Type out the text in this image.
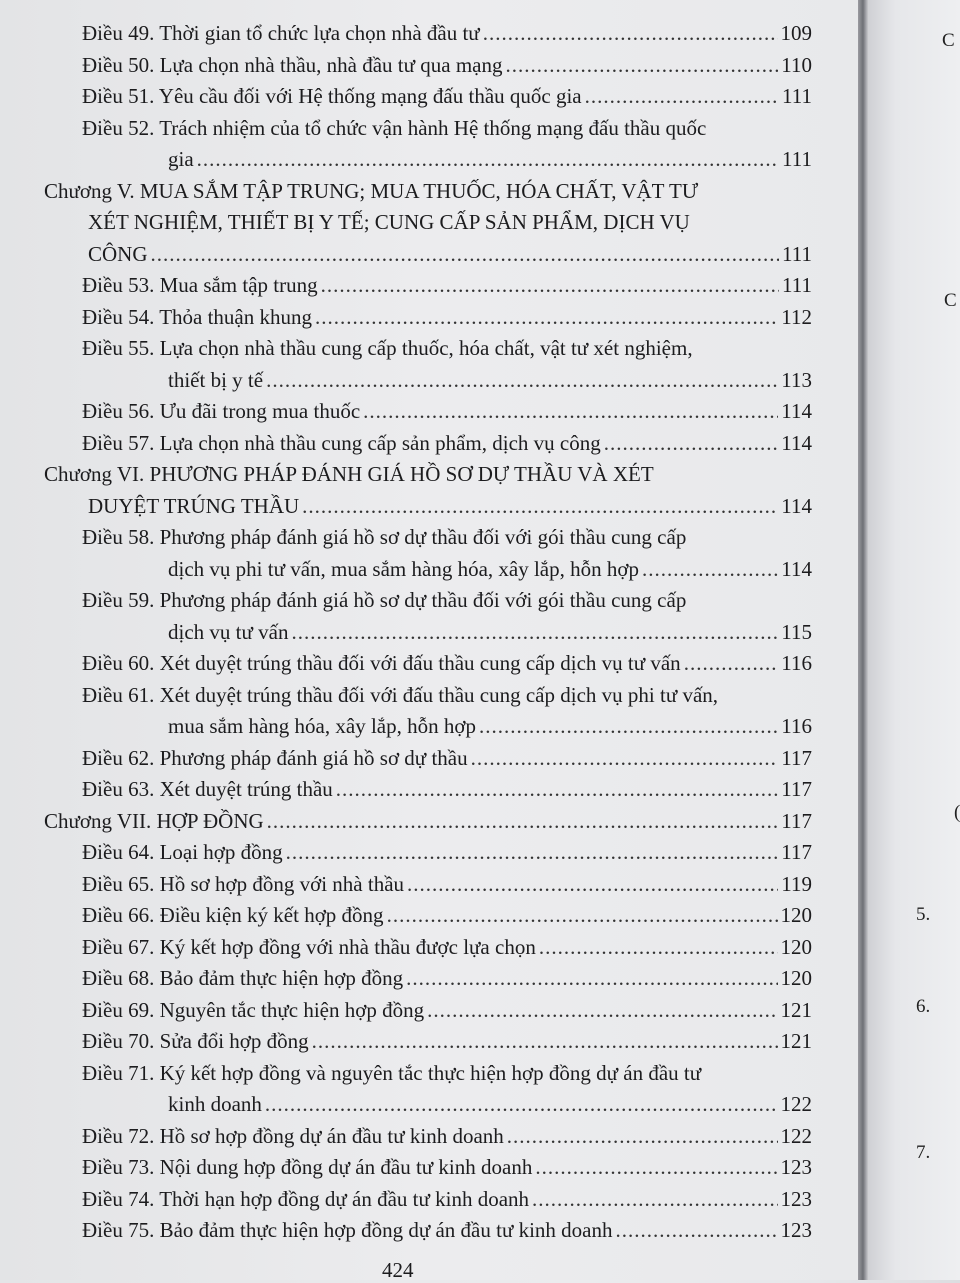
Điều 49. Thời gian tổ chức lựa chọn nhà đầu tư .....	109
Điều 50. Lựa chọn nhà thầu, nhà đầu tư qua mạng .....	110
Điều 51. Yêu cầu đối với Hệ thống mạng đấu thầu quốc gia .....	111
Điều 52. Trách nhiệm của tổ chức vận hành Hệ thống mạng đấu thầu quốc
gia .....	111
Chương V. MUA SẮM TẬP TRUNG; MUA THUỐC, HÓA CHẤT, VẬT TƯ
XÉT NGHIỆM, THIẾT BỊ Y TẾ; CUNG CẤP SẢN PHẨM, DỊCH VỤ
CÔNG .....	111
Điều 53. Mua sắm tập trung .....	111
Điều 54. Thỏa thuận khung .....	112
Điều 55. Lựa chọn nhà thầu cung cấp thuốc, hóa chất, vật tư xét nghiệm,
thiết bị y tế .....	113
Điều 56. Ưu đãi trong mua thuốc .....	114
Điều 57. Lựa chọn nhà thầu cung cấp sản phẩm, dịch vụ công .....	114
Chương VI. PHƯƠNG PHÁP ĐÁNH GIÁ HỒ SƠ DỰ THẦU VÀ XÉT
DUYỆT TRÚNG THẦU .....	114
Điều 58. Phương pháp đánh giá hồ sơ dự thầu đối với gói thầu cung cấp
dịch vụ phi tư vấn, mua sắm hàng hóa, xây lắp, hỗn hợp .....	114
Điều 59. Phương pháp đánh giá hồ sơ dự thầu đối với gói thầu cung cấp
dịch vụ tư vấn .....	115
Điều 60. Xét duyệt trúng thầu đối với đấu thầu cung cấp dịch vụ tư vấn .....	116
Điều 61. Xét duyệt trúng thầu đối với đấu thầu cung cấp dịch vụ phi tư vấn,
mua sắm hàng hóa, xây lắp, hỗn hợp .....	116
Điều 62. Phương pháp đánh giá hồ sơ dự thầu .....	117
Điều 63. Xét duyệt trúng thầu .....	117
Chương VII. HỢP ĐỒNG .....	117
Điều 64. Loại hợp đồng .....	117
Điều 65. Hồ sơ hợp đồng với nhà thầu .....	119
Điều 66. Điều kiện ký kết hợp đồng .....	120
Điều 67. Ký kết hợp đồng với nhà thầu được lựa chọn .....	120
Điều 68. Bảo đảm thực hiện hợp đồng .....	120
Điều 69. Nguyên tắc thực hiện hợp đồng .....	121
Điều 70. Sửa đổi hợp đồng .....	121
Điều 71. Ký kết hợp đồng và nguyên tắc thực hiện hợp đồng dự án đầu tư
kinh doanh .....	122
Điều 72. Hồ sơ hợp đồng dự án đầu tư kinh doanh .....	122
Điều 73. Nội dung hợp đồng dự án đầu tư kinh doanh .....	123
Điều 74. Thời hạn hợp đồng dự án đầu tư kinh doanh .....	123
Điều 75. Bảo đảm thực hiện hợp đồng dự án đầu tư kinh doanh .....	123
424
C
C
(
5.
6.
7.
